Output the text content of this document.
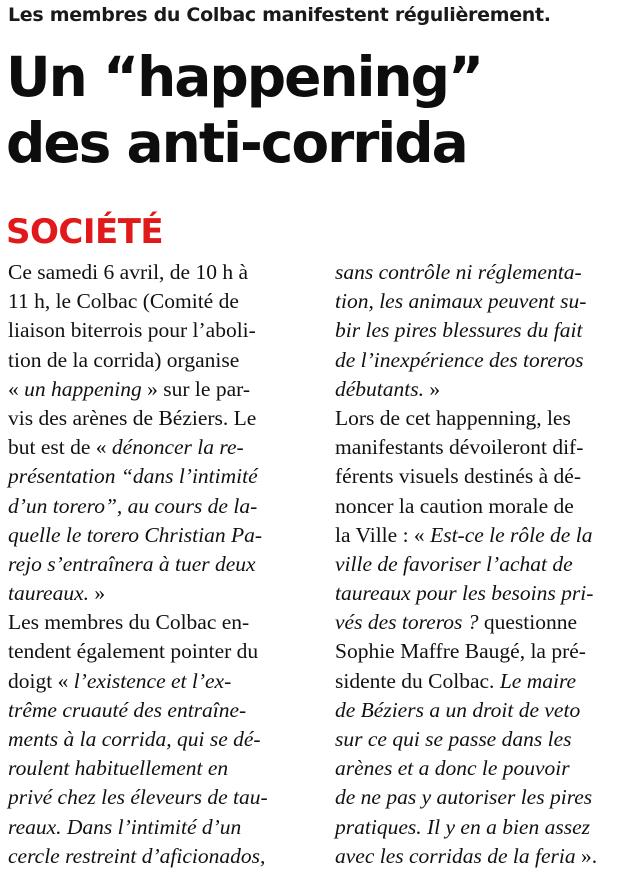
Les membres du Colbac manifestent régulièrement.
Un “happening”
des anti-corrida
SOCIÉTÉ
Ce samedi 6 avril, de 10 h à
11 h, le Colbac (Comité de
liaison biterrois pour l’aboli-
tion de la corrida) organise
« un happening » sur le par-
vis des arènes de Béziers. Le
but est de « dénoncer la re-
présentation “dans l’intimité
d’un torero”, au cours de la-
quelle le torero Christian Pa-
rejo s’entraînera à tuer deux
taureaux. »
Les membres du Colbac en-
tendent également pointer du
doigt « l’existence et l’ex-
trême cruauté des entraîne-
ments à la corrida, qui se dé-
roulent habituellement en
privé chez les éleveurs de tau-
reaux. Dans l’intimité d’un
cercle restreint d’aficionados,
sans contrôle ni réglementa-
tion, les animaux peuvent su-
bir les pires blessures du fait
de l’inexpérience des toreros
débutants. »
Lors de cet happenning, les
manifestants dévoileront dif-
férents visuels destinés à dé-
noncer la caution morale de
la Ville : « Est-ce le rôle de la
ville de favoriser l’achat de
taureaux pour les besoins pri-
vés des toreros ? questionne
Sophie Maffre Baugé, la pré-
sidente du Colbac. Le maire
de Béziers a un droit de veto
sur ce qui se passe dans les
arènes et a donc le pouvoir
de ne pas y autoriser les pires
pratiques. Il y en a bien assez
avec les corridas de la feria ».
